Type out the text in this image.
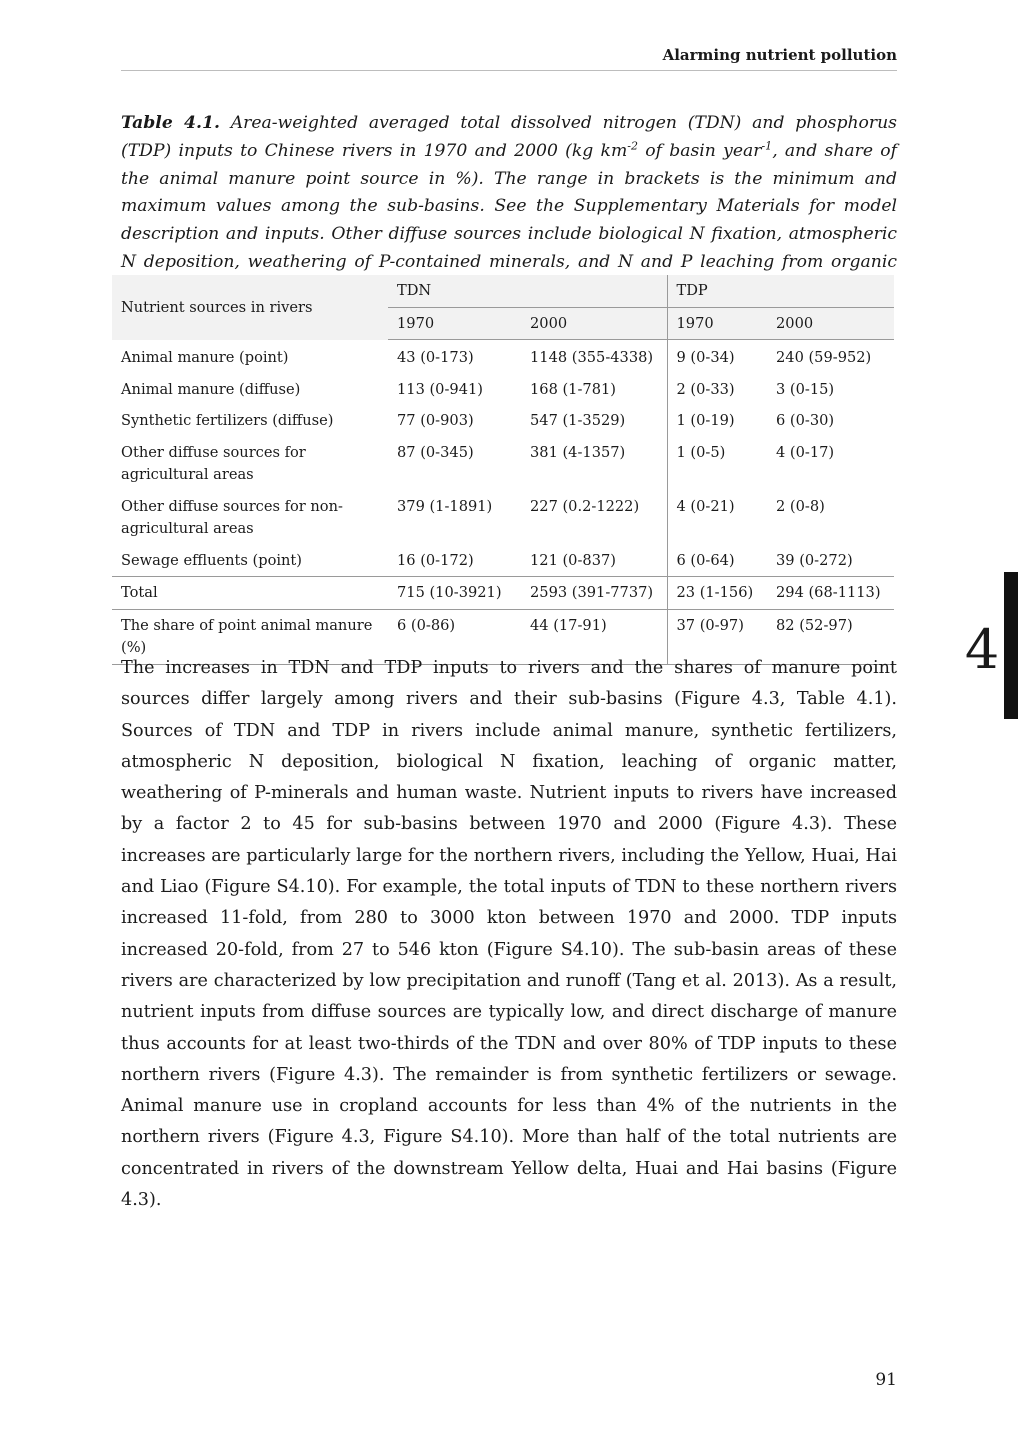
Alarming nutrient pollution

Table 4.1. Area-weighted averaged total dissolved nitrogen (TDN) and phosphorus (TDP) inputs to Chinese rivers in 1970 and 2000 (kg $km^{-2}$ of basin year$^{-1}$, and share of the animal manure point source in %). The range in brackets is the minimum and maximum values among the sub-basins. See the Supplementary Materials for model description and inputs. Other diffuse sources include biological N fixation, atmospheric N deposition, weathering of P-contained minerals, and N and P leaching from organic

Nutrient sources in rivers	TDN		TDP	
	1970	2000	1970	2000
Animal manure (point)	43 (0-173)	1148 (355-4338)	9 (0-34)	240 (59-952)
Animal manure (diffuse)	113 (0-941)	168 (1-781)	2 (0-33)	3 (0-15)
Synthetic fertilizers (diffuse)	77 (0-903)	547 (1-3529)	1 (0-19)	6 (0-30)
Other diffuse sources for agricultural areas	87 (0-345)	381 (4-1357)	1 (0-5)	4 (0-17)
Other diffuse sources for non-agricultural areas	379 (1-1891)	227 (0.2-1222)	4 (0-21)	2 (0-8)
Sewage effluents (point)	16 (0-172)	121 (0-837)	6 (0-64)	39 (0-272)
Total	715 (10-3921)	2593 (391-7737)	23 (1-156)	294 (68-1113)
The share of point animal manure (%)	6 (0-86)	44 (17-91)	37 (0-97)	82 (52-97)

The increases in TDN and TDP inputs to rivers and the shares of manure point sources differ largely among rivers and their sub-basins (Figure 4.3, Table 4.1). Sources of TDN and TDP in rivers include animal manure, synthetic fertilizers, atmospheric N deposition, biological N fixation, leaching of organic matter, weathering of P-minerals and human waste. Nutrient inputs to rivers have increased by a factor 2 to 45 for sub-basins between 1970 and 2000 (Figure 4.3). These increases are particularly large for the northern rivers, including the Yellow, Huai, Hai and Liao (Figure S4.10). For example, the total inputs of TDN to these northern rivers increased 11-fold, from 280 to 3000 kton between 1970 and 2000. TDP inputs increased 20-fold, from 27 to 546 kton (Figure S4.10). The sub-basin areas of these rivers are characterized by low precipitation and runoff (Tang et al. 2013). As a result, nutrient inputs from diffuse sources are typically low, and direct discharge of manure thus accounts for at least two-thirds of the TDN and over 80% of TDP inputs to these northern rivers (Figure 4.3). The remainder is from synthetic fertilizers or sewage. Animal manure use in cropland accounts for less than 4% of the nutrients in the northern rivers (Figure 4.3, Figure S4.10). More than half of the total nutrients are concentrated in rivers of the downstream Yellow delta, Huai and Hai basins (Figure 4.3).

4
91
